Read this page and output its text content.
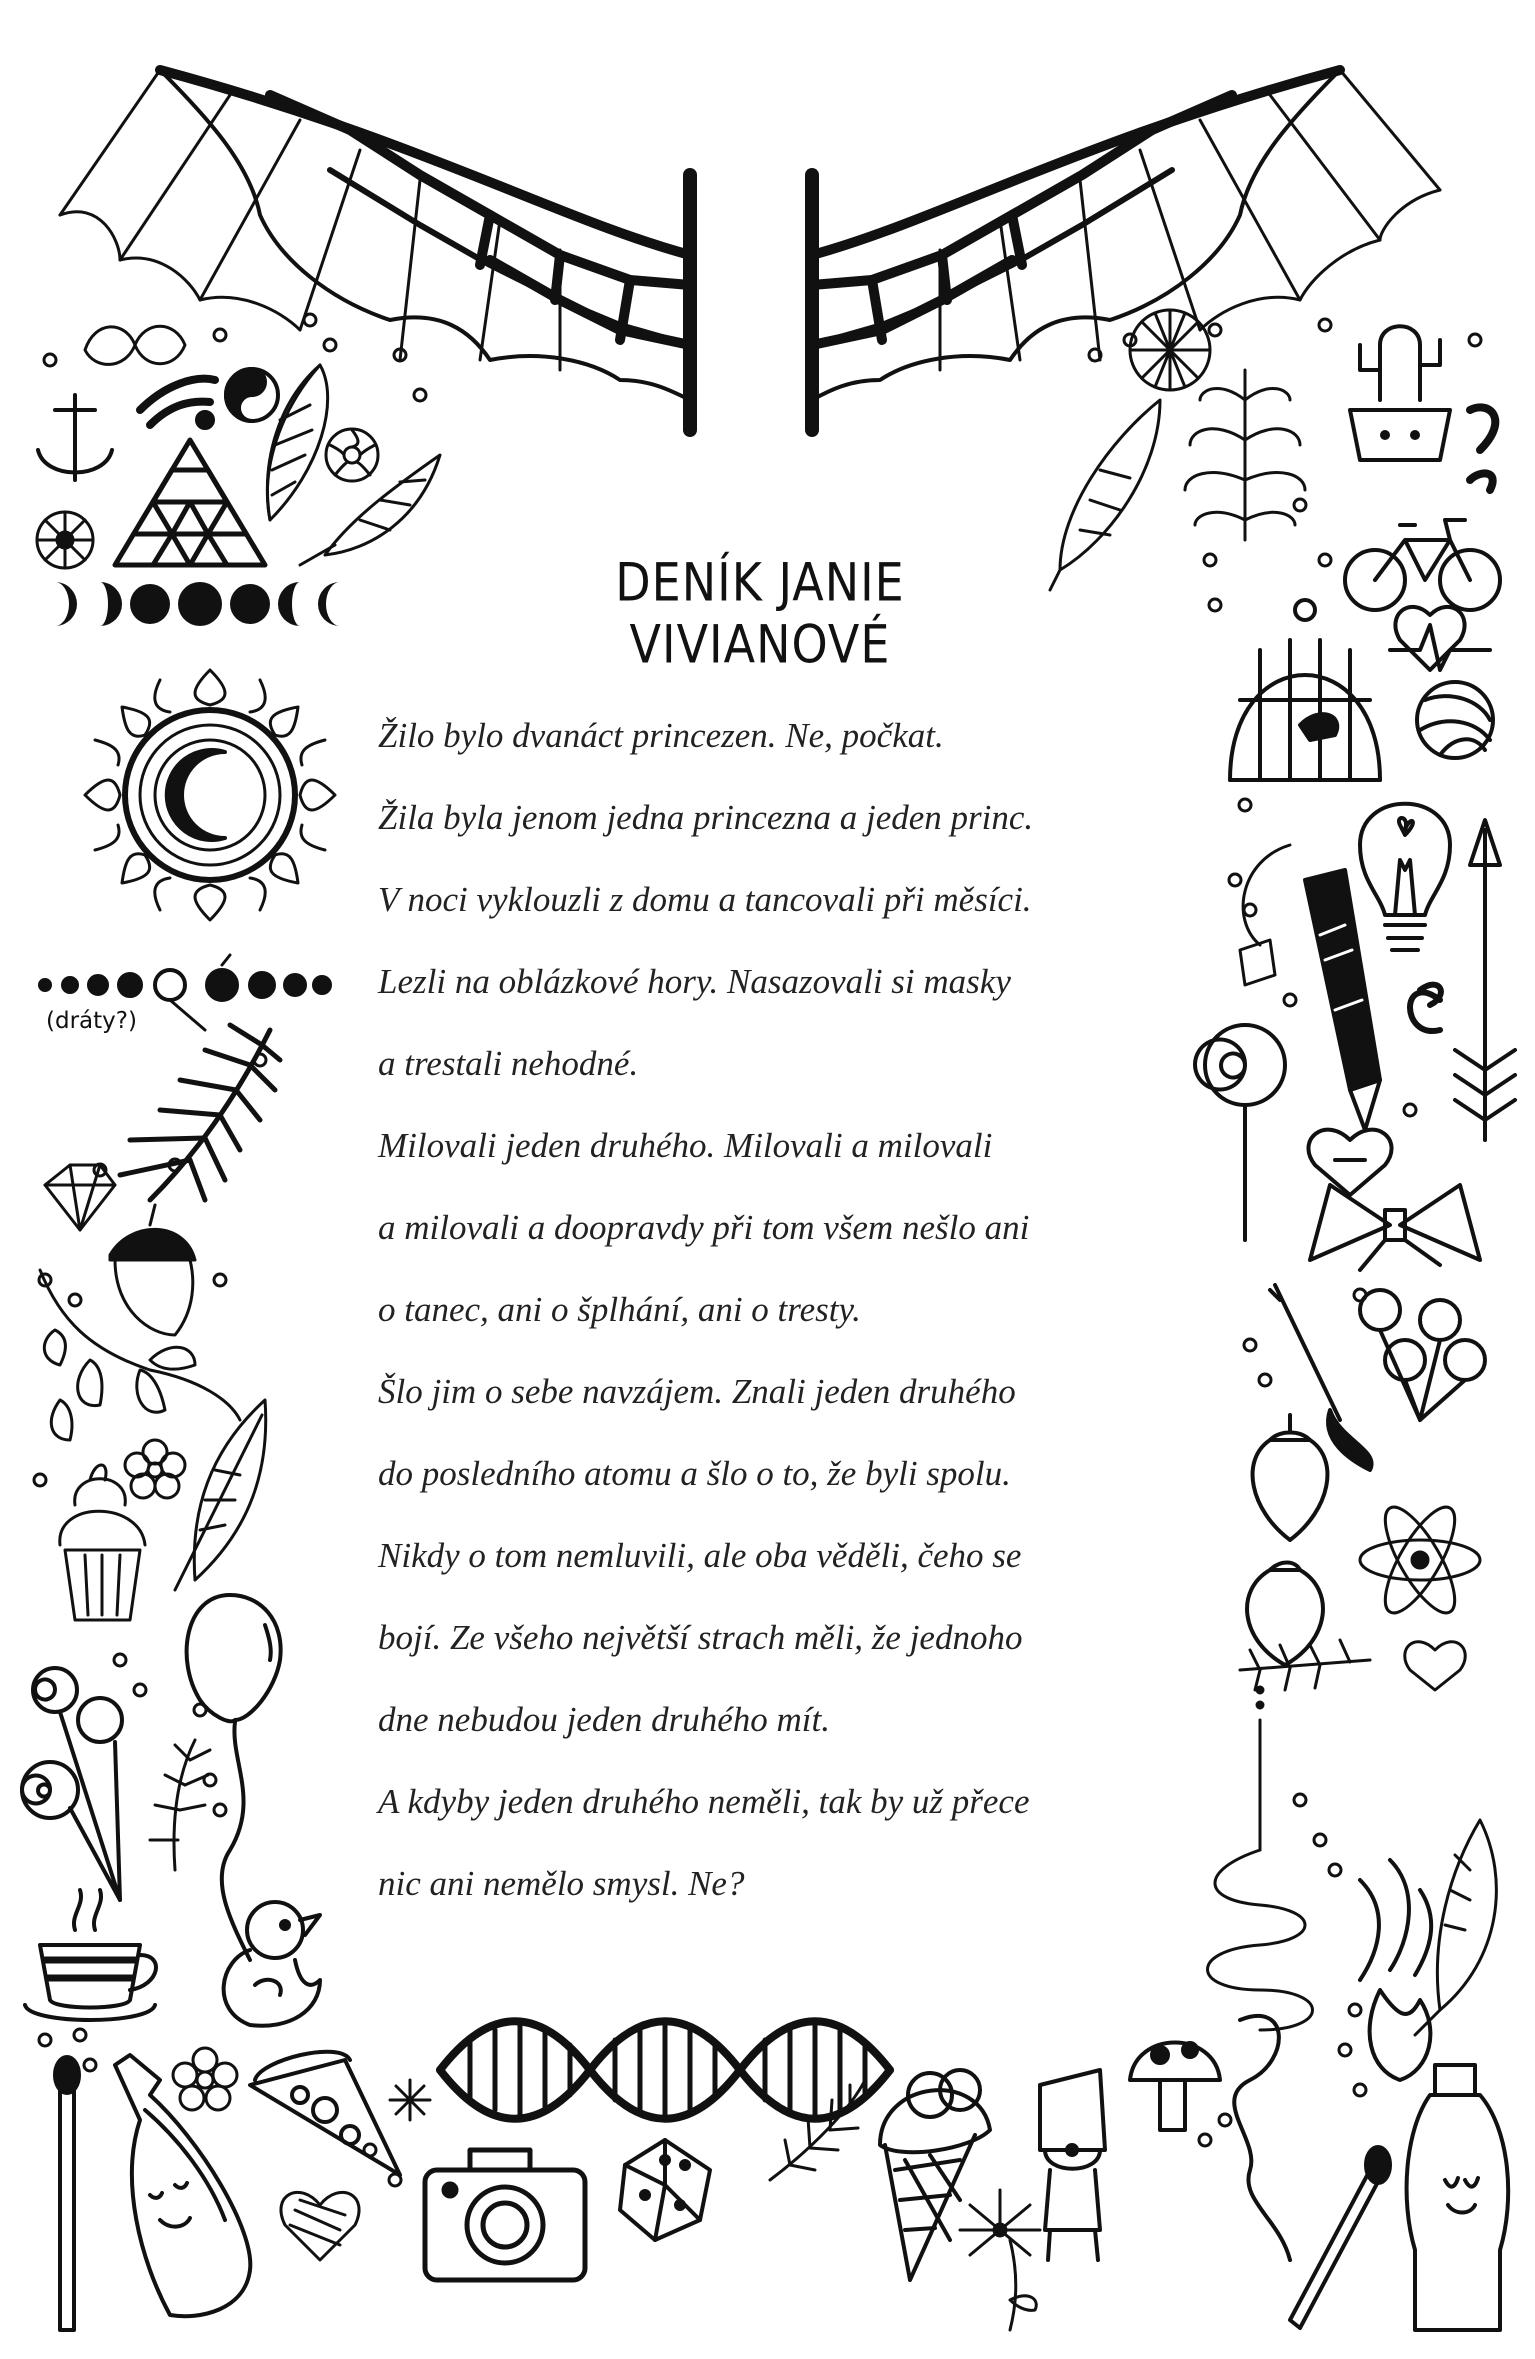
DENÍK JANIE VIVIANOVÉ
(dráty?)
Žilo bylo dvanáct princezen. Ne, počkat.
Žila byla jenom jedna princezna a jeden princ.
V noci vyklouzli z domu a tancovali při měsíci.
Lezli na oblázkové hory. Nasazovali si masky
a trestali nehodné.
Milovali jeden druhého. Milovali a milovali
a milovali a doopravdy při tom všem nešlo ani
o tanec, ani o šplhání, ani o tresty.
Šlo jim o sebe navzájem. Znali jeden druhého
do posledního atomu a šlo o to, že byli spolu.
Nikdy o tom nemluvili, ale oba věděli, čeho se
bojí. Ze všeho největší strach měli, že jednoho
dne nebudou jeden druhého mít.
A kdyby jeden druhého neměli, tak by už přece
nic ani nemělo smysl. Ne?
